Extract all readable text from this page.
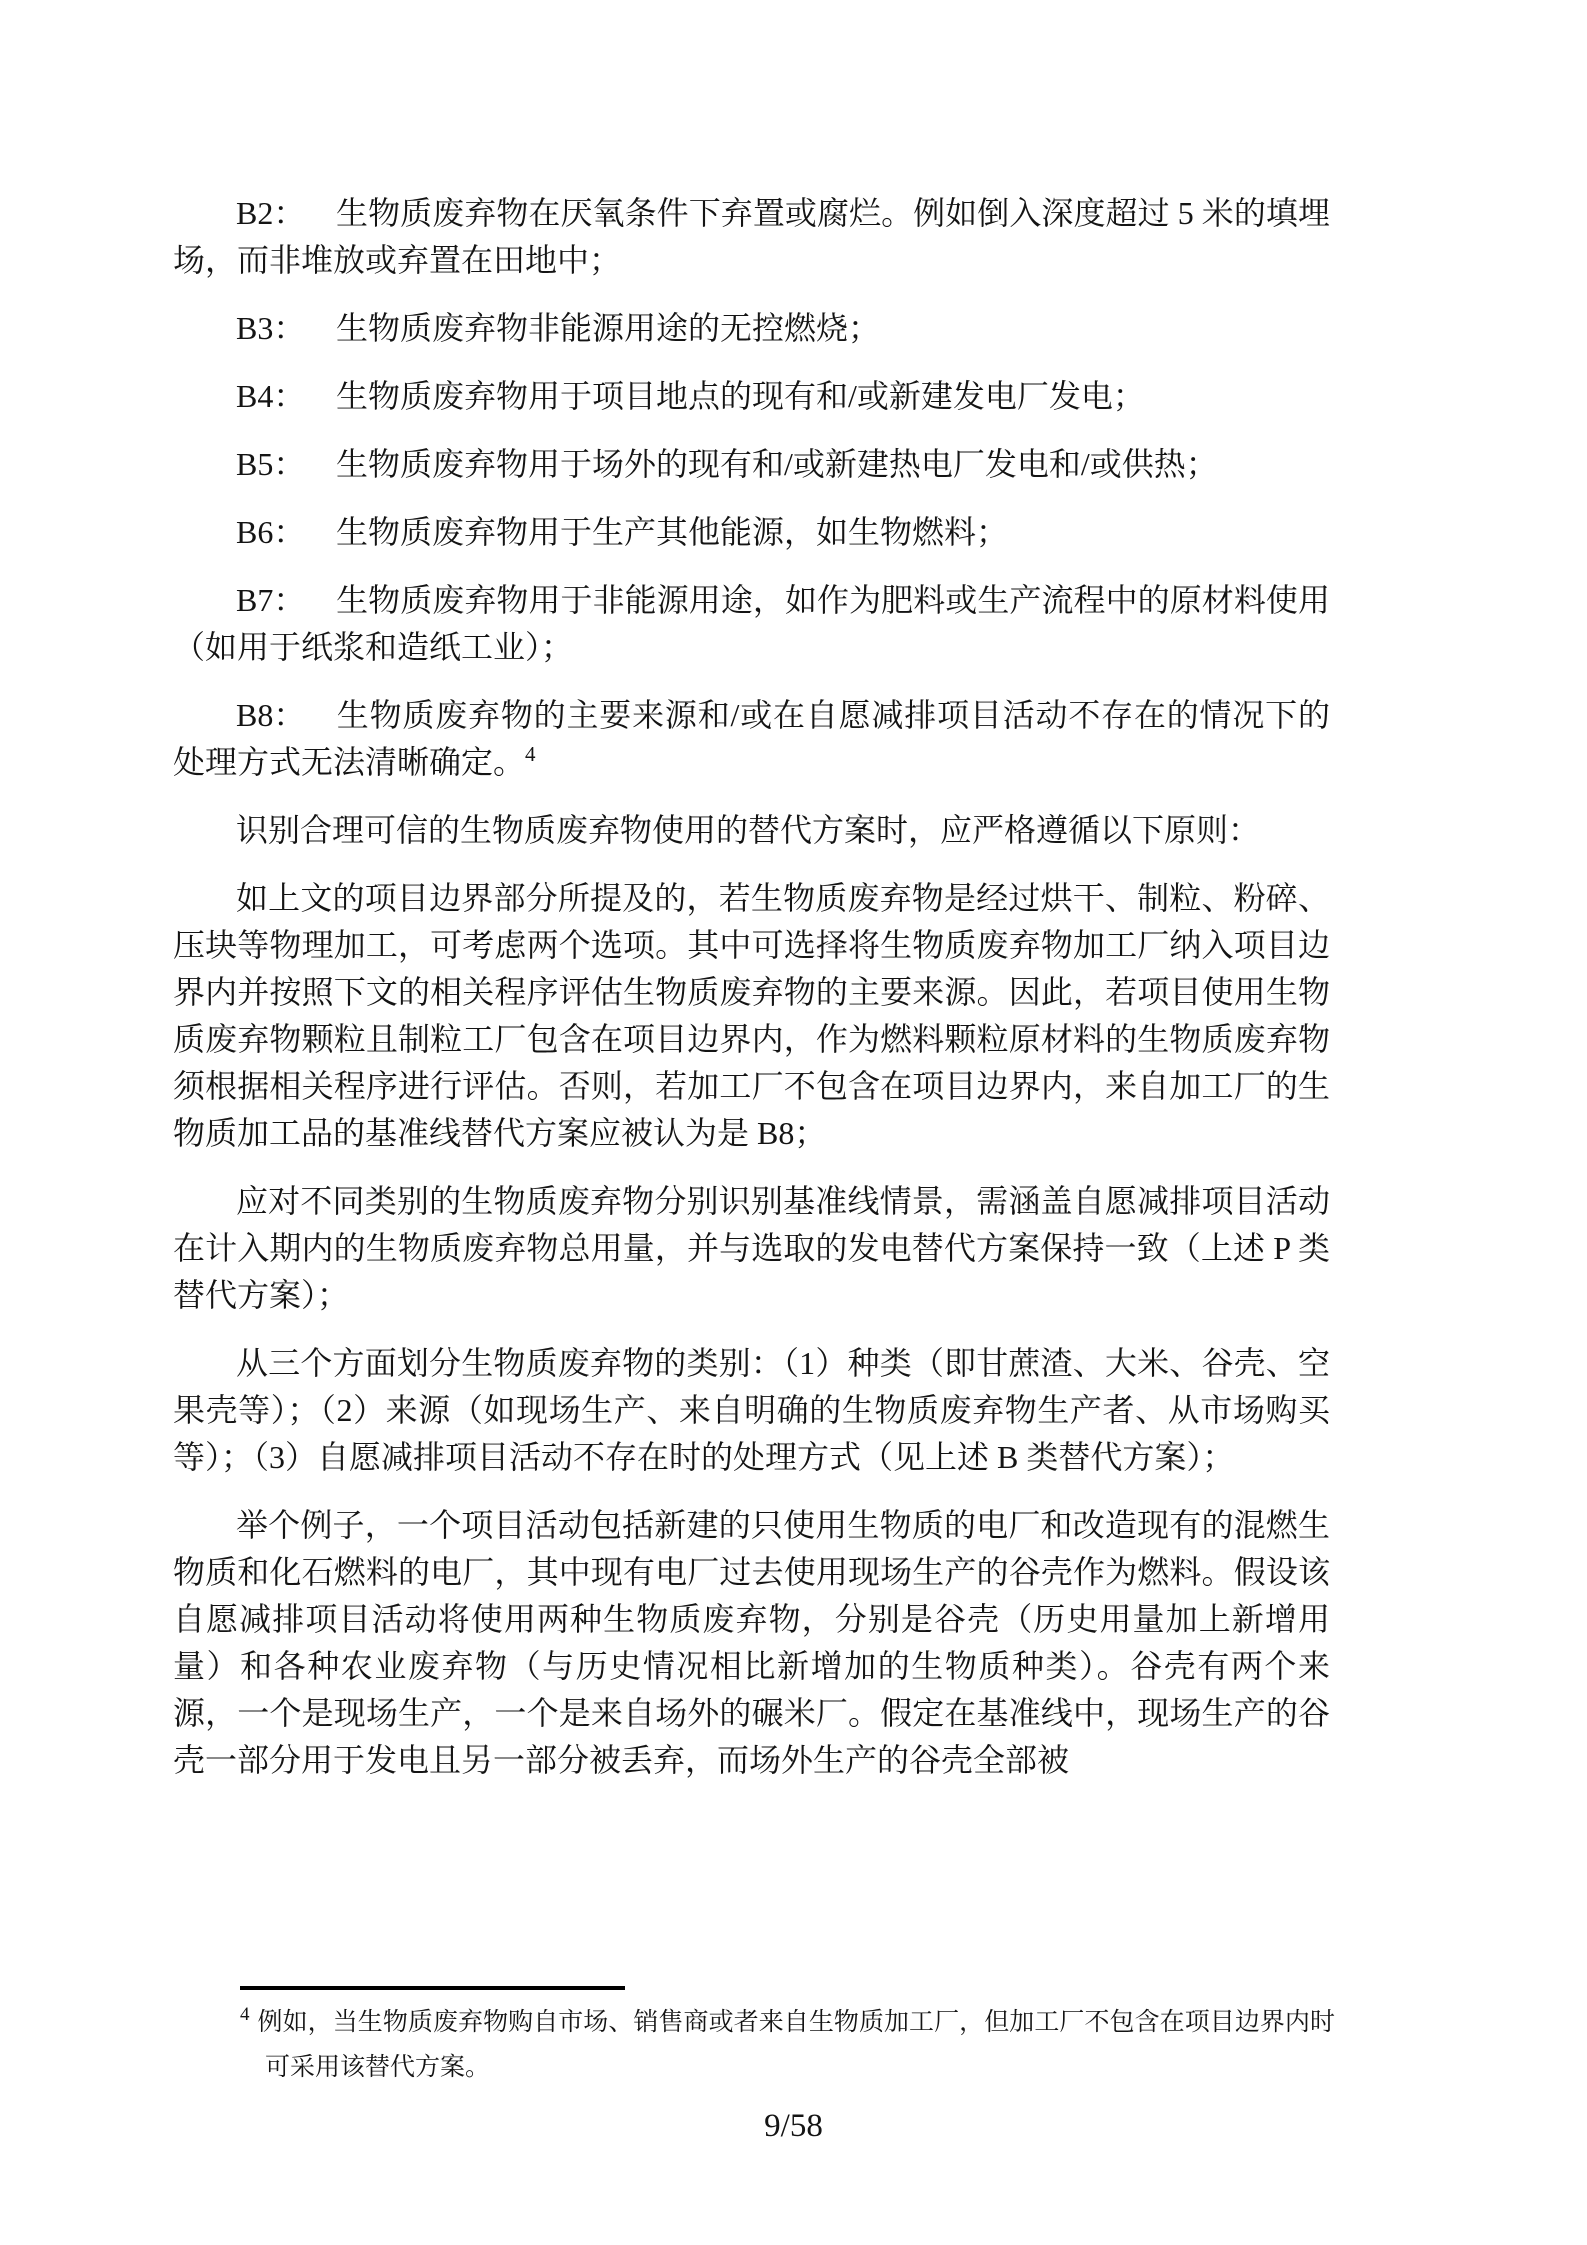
B2： 生物质废弃物在厌氧条件下弃置或腐烂。例如倒入深度超过 5 米的填埋场，而非堆放或弃置在田地中；

B3： 生物质废弃物非能源用途的无控燃烧；

B4： 生物质废弃物用于项目地点的现有和/或新建发电厂发电；

B5： 生物质废弃物用于场外的现有和/或新建热电厂发电和/或供热；

B6： 生物质废弃物用于生产其他能源，如生物燃料；

B7： 生物质废弃物用于非能源用途，如作为肥料或生产流程中的原材料使用（如用于纸浆和造纸工业）；

B8： 生物质废弃物的主要来源和/或在自愿减排项目活动不存在的情况下的处理方式无法清晰确定。$^4$

识别合理可信的生物质废弃物使用的替代方案时，应严格遵循以下原则：

如上文的项目边界部分所提及的，若生物质废弃物是经过烘干、制粒、粉碎、压块等物理加工，可考虑两个选项。其中可选择将生物质废弃物加工厂纳入项目边界内并按照下文的相关程序评估生物质废弃物的主要来源。因此，若项目使用生物质废弃物颗粒且制粒工厂包含在项目边界内，作为燃料颗粒原材料的生物质废弃物须根据相关程序进行评估。否则，若加工厂不包含在项目边界内，来自加工厂的生物质加工品的基准线替代方案应被认为是 B8；

应对不同类别的生物质废弃物分别识别基准线情景，需涵盖自愿减排项目活动在计入期内的生物质废弃物总用量，并与选取的发电替代方案保持一致（上述 P 类替代方案）；

从三个方面划分生物质废弃物的类别：（1）种类（即甘蔗渣、大米、谷壳、空果壳等）；（2）来源（如现场生产、来自明确的生物质废弃物生产者、从市场购买等）；（3）自愿减排项目活动不存在时的处理方式（见上述 B 类替代方案）；

举个例子，一个项目活动包括新建的只使用生物质的电厂和改造现有的混燃生物质和化石燃料的电厂，其中现有电厂过去使用现场生产的谷壳作为燃料。假设该自愿减排项目活动将使用两种生物质废弃物，分别是谷壳（历史用量加上新增用量）和各种农业废弃物（与历史情况相比新增加的生物质种类）。谷壳有两个来源，一个是现场生产，一个是来自场外的碾米厂。假定在基准线中，现场生产的谷壳一部分用于发电且另一部分被丢弃，而场外生产的谷壳全部被

$^4$ 例如，当生物质废弃物购自市场、销售商或者来自生物质加工厂，但加工厂不包含在项目边界内时可采用该替代方案。
9/58
